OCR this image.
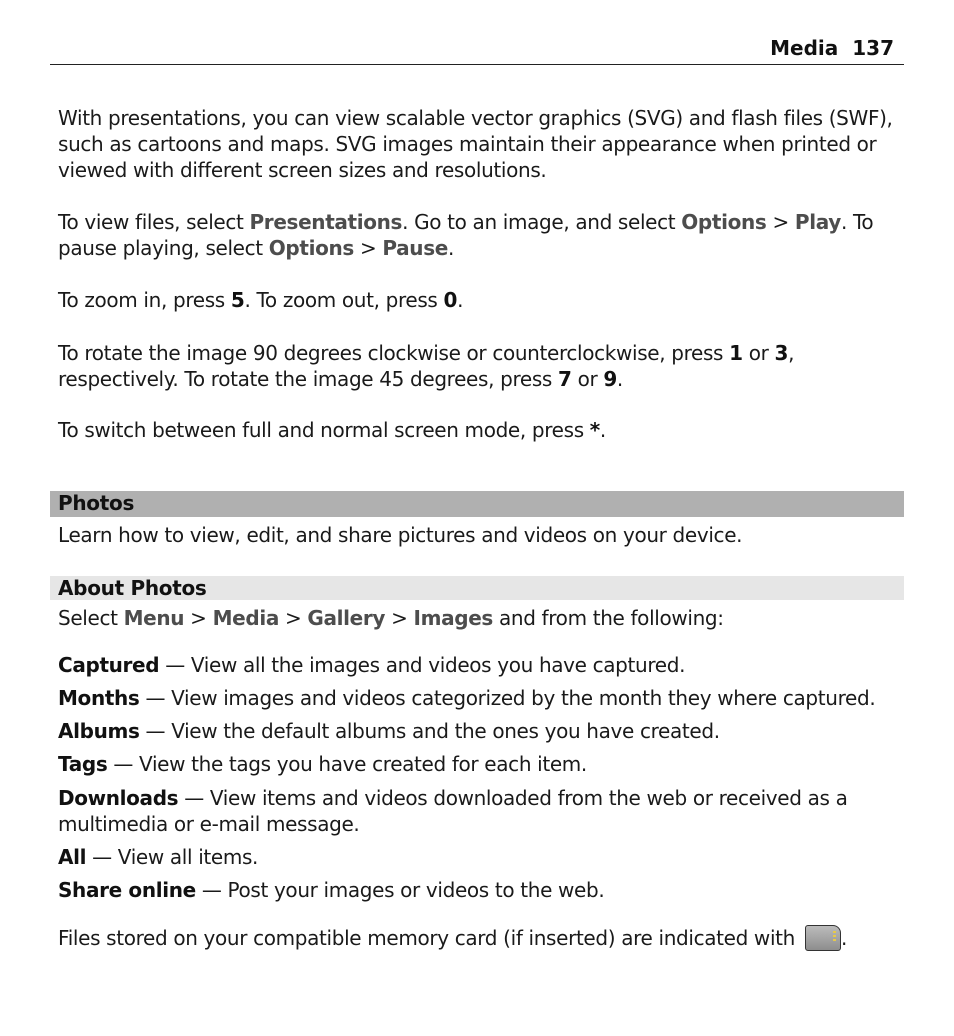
Media 137

With presentations, you can view scalable vector graphics (SVG) and flash files (SWF), such as cartoons and maps. SVG images maintain their appearance when printed or viewed with different screen sizes and resolutions.

To view files, select Presentations. Go to an image, and select Options > Play. To pause playing, select Options > Pause.

To zoom in, press 5. To zoom out, press 0.

To rotate the image 90 degrees clockwise or counterclockwise, press 1 or 3, respectively. To rotate the image 45 degrees, press 7 or 9.

To switch between full and normal screen mode, press *.

Learn how to view, edit, and share pictures and videos on your device.

Select Menu > Media > Gallery > Images and from the following:

Captured — View all the images and videos you have captured.

Months — View images and videos categorized by the month they where captured.

Albums — View the default albums and the ones you have created.

Tags — View the tags you have created for each item.

Downloads — View items and videos downloaded from the web or received as a multimedia or e-mail message.

All — View all items.

Share online — Post your images or videos to the web.

Files stored on your compatible memory card (if inserted) are indicated with .

Photos
About Photos
